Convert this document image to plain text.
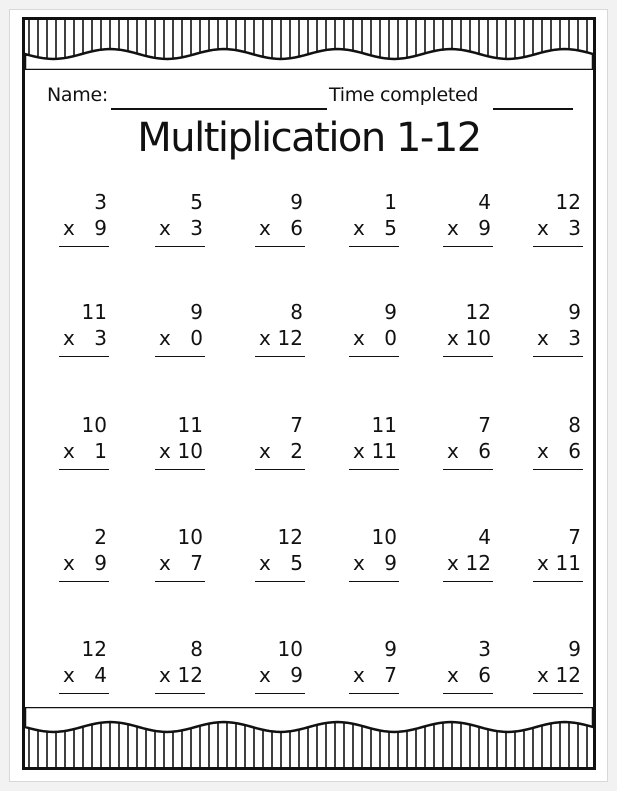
Name:	Time completed
Multiplication 1-12
3
x 9
5
x 3
9
x 6
1
x 5
4
x 9
12
x 3
11
x 3
9
x 0
8
x 12
9
x 0
12
x 10
9
x 3
10
x 1
11
x 10
7
x 2
11
x 11
7
x 6
8
x 6
2
x 9
10
x 7
12
x 5
10
x 9
4
x 12
7
x 11
12
x 4
8
x 12
10
x 9
9
x 7
3
x 6
9
x 12
